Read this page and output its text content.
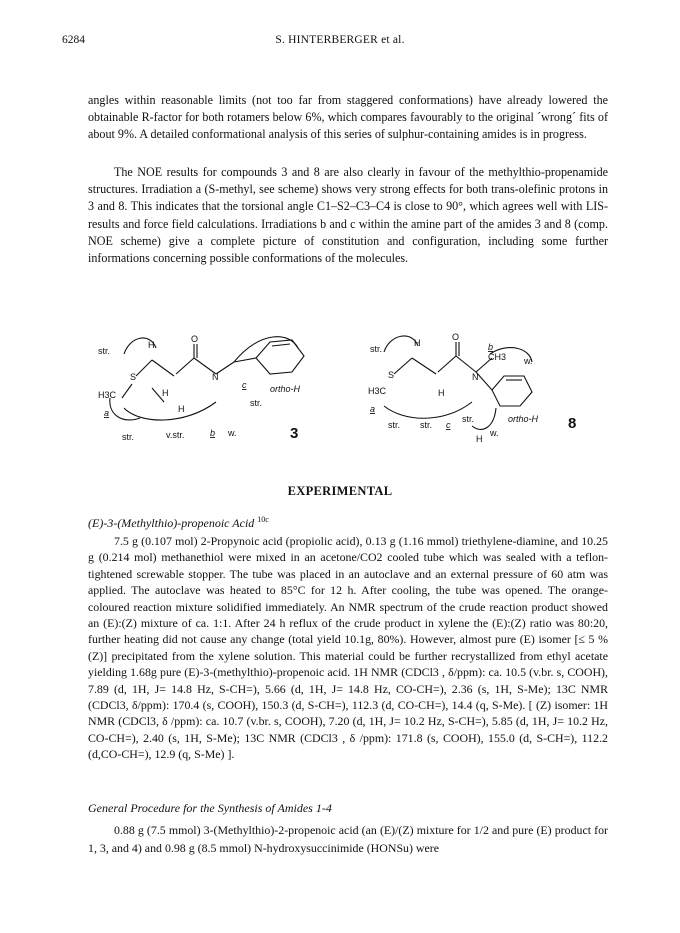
6284	S. HINTERBERGER et al.

angles within reasonable limits (not too far from staggered conformations) have already lowered the obtainable R-factor for both rotamers below 6%, which compares favourably to the original ´wrong´ fits of about 9%. A detailed conformational analysis of this series of sulphur-containing amides is in progress.

The NOE results for compounds 3 and 8 are also clearly in favour of the methylthio-propenamide structures. Irradiation a (S-methyl, see scheme) shows very strong effects for both trans-olefinic protons in 3 and 8. This indicates that the torsional angle C1–S2–C3–C4 is close to 90°, which agrees well with LIS-results and force field calculations. Irradiations b and c within the amine part of the amides 3 and 8 (comp. NOE scheme) give a complete picture of constitution and configuration, including some further informations concerning possible conformations of the molecules.

str.
H
O
S	N
H3C	H
H
c
a
str.	v.str.	b w.
ortho-H
str.
3
str.
H
O
b
CH3 w.
N
S
H3C	H
a
str. str. c
str.	ortho-H
w.
H
8
EXPERIMENTAL
(E)-3-(Methylthio)-propenoic Acid $^{10c}$

7.5 g (0.107 mol) 2-Propynoic acid (propiolic acid), 0.13 g (1.16 mmol) triethylene-diamine, and 10.25 g (0.214 mol) methanethiol were mixed in an acetone/CO2 cooled tube which was sealed with a teflon-tightened screwable stopper. The tube was placed in an autoclave and an external pressure of 60 atm was applied. The autoclave was heated to 85°C for 12 h. After cooling, the tube was opened. The orange-coloured reaction mixture solidified immediately. An NMR spectrum of the crude reaction product showed an (E):(Z) mixture of ca. 1:1. After 24 h reflux of the crude product in xylene the (E):(Z) ratio was 80:20, further heating did not cause any change (total yield 10.1g, 80%). However, almost pure (E) isomer [≤ 5 % (Z)] precipitated from the xylene solution. This material could be further recrystallized from ethyl acetate yielding 1.68g pure (E)-3-(methylthio)-propenoic acid. 1H NMR (CDCl3 , δ/ppm): ca. 10.5 (v.br. s, COOH), 7.89 (d, 1H, J= 14.8 Hz, S-CH=), 5.66 (d, 1H, J= 14.8 Hz, CO-CH=), 2.36 (s, 1H, S-Me); 13C NMR (CDCl3, δ/ppm): 170.4 (s, COOH), 150.3 (d, S-CH=), 112.3 (d, CO-CH=), 14.4 (q, S-Me). [ (Z) isomer: 1H NMR (CDCl3, δ /ppm): ca. 10.7 (v.br. s, COOH), 7.20 (d, 1H, J= 10.2 Hz, S-CH=), 5.85 (d, 1H, J= 10.2 Hz, CO-CH=), 2.40 (s, 1H, S-Me); 13C NMR (CDCl3 , δ /ppm): 171.8 (s, COOH), 155.0 (d, S-CH=), 112.2 (d,CO-CH=), 12.9 (q, S-Me) ].

General Procedure for the Synthesis of Amides 1-4

0.88 g (7.5 mmol) 3-(Methylthio)-2-propenoic acid (an (E)/(Z) mixture for 1/2 and pure (E) product for 1, 3, and 4) and 0.98 g (8.5 mmol) N-hydroxysuccinimide (HONSu) were
